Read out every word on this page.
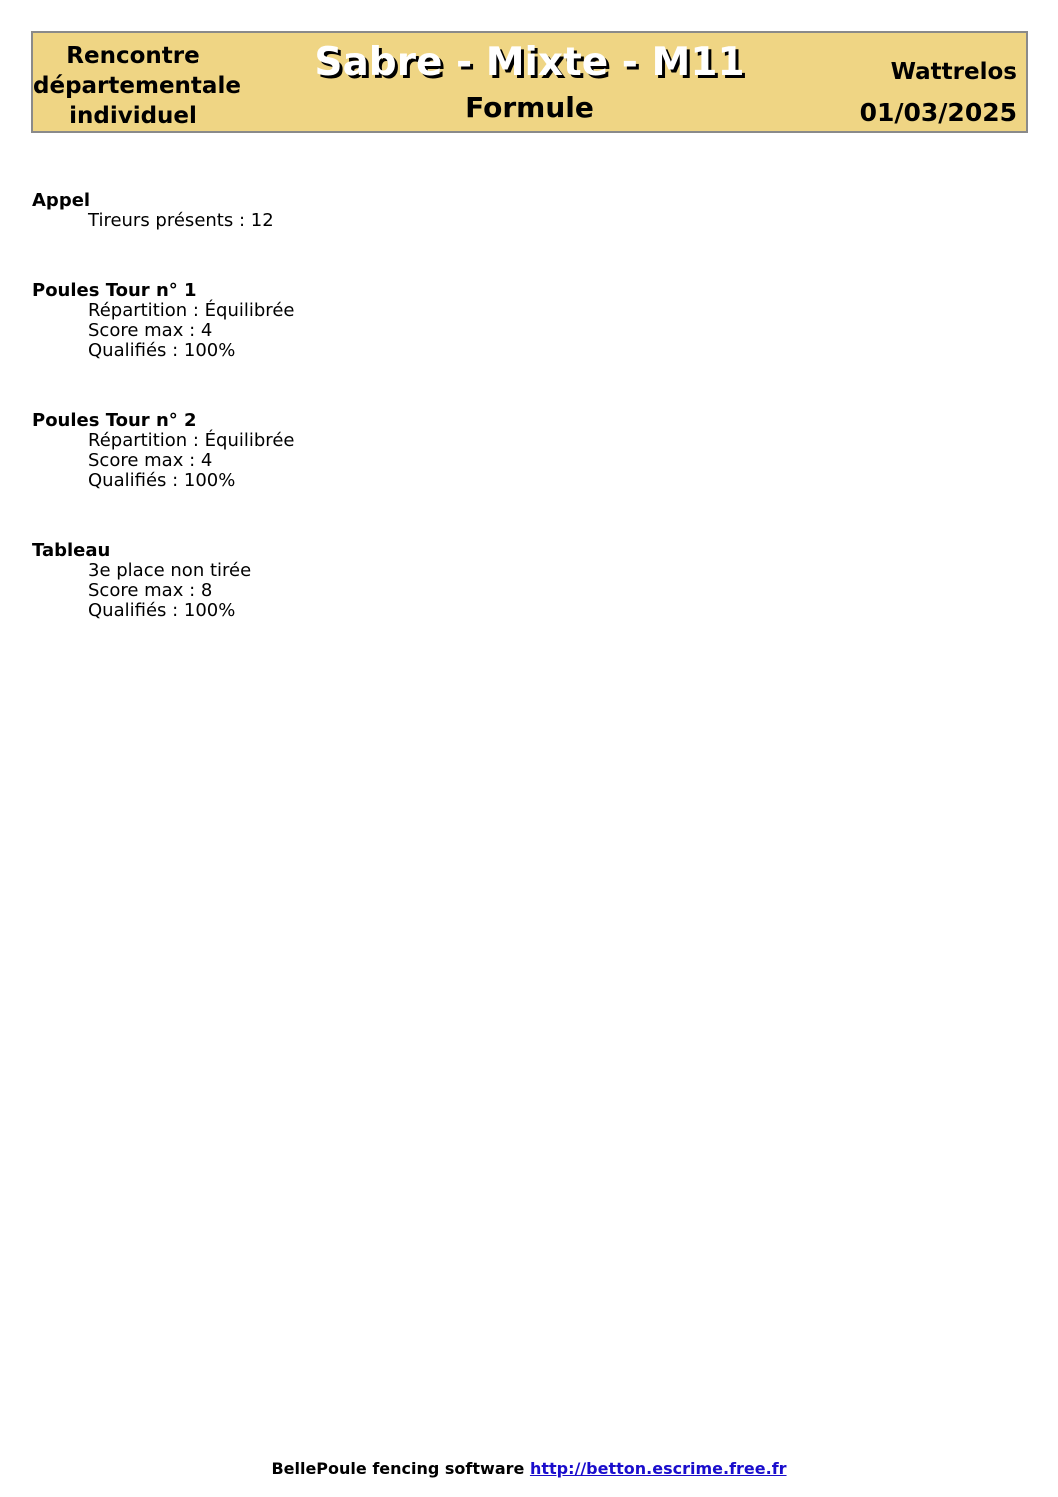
Rencontre
départementale
individuel
Sabre - Mixte - M11
Formule
Wattrelos
01/03/2025
Appel
Tireurs présents : 12
Poules Tour n° 1
Répartition : Équilibrée
Score max : 4
Qualifiés : 100%
Poules Tour n° 2
Répartition : Équilibrée
Score max : 4
Qualifiés : 100%
Tableau
3e place non tirée
Score max : 8
Qualifiés : 100%
BellePoule fencing software http://betton.escrime.free.fr
